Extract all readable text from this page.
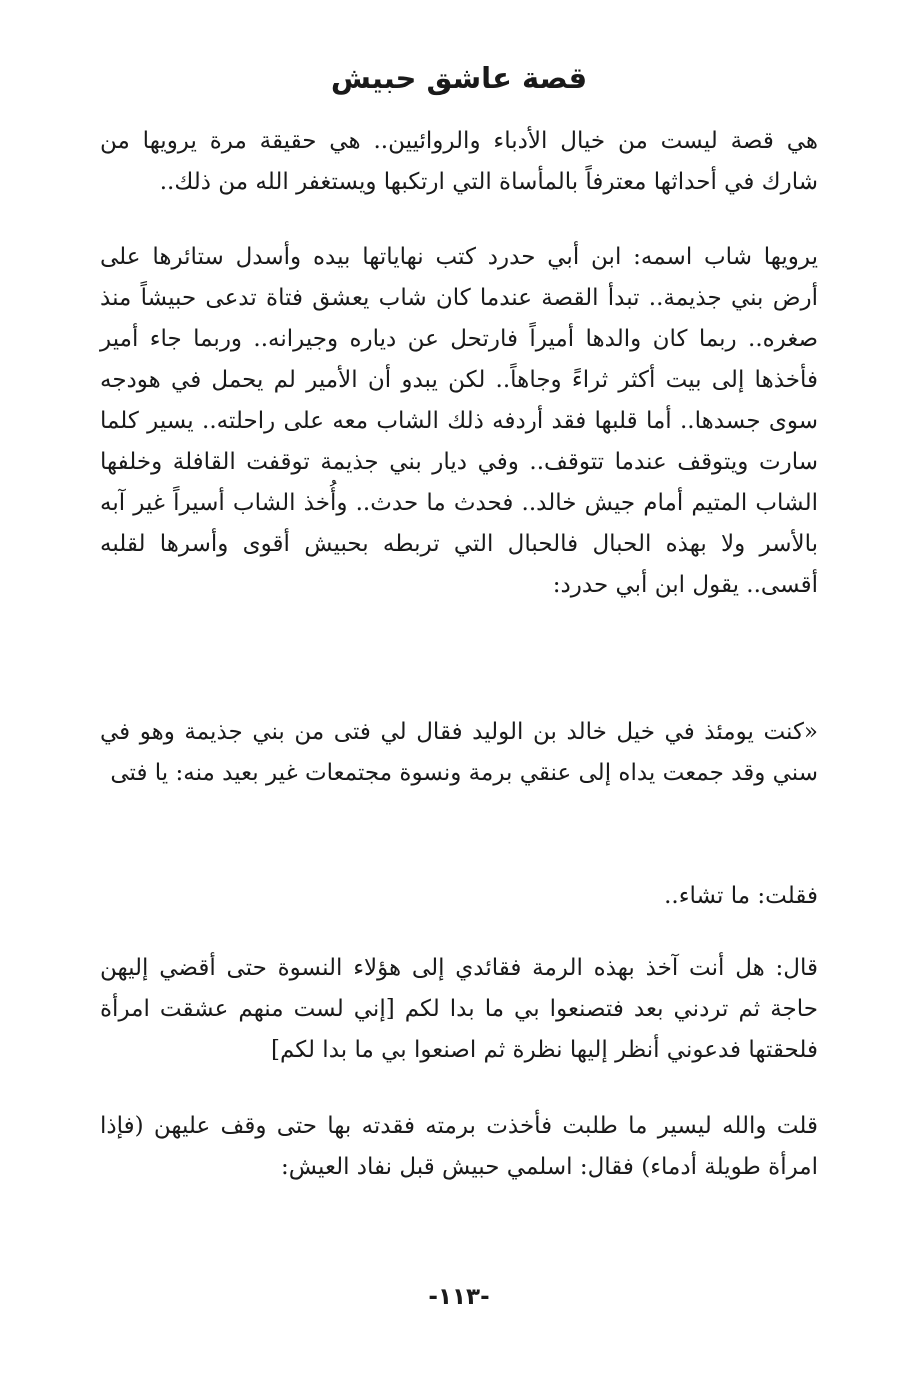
قصة عاشق حبيش

هي قصة ليست من خيال الأدباء والروائيين.. هي حقيقة مرة يرويها من شارك في أحداثها معترفاً بالمأساة التي ارتكبها ويستغفر الله من ذلك..

يرويها شاب اسمه: ابن أبي حدرد كتب نهاياتها بيده وأسدل ستائرها على أرض بني جذيمة.. تبدأ القصة عندما كان شاب يعشق فتاة تدعى حبيشاً منذ صغره.. ربما كان والدها أميراً فارتحل عن دياره وجيرانه.. وربما جاء أمير فأخذها إلى بيت أكثر ثراءً وجاهاً.. لكن يبدو أن الأمير لم يحمل في هودجه سوى جسدها.. أما قلبها فقد أردفه ذلك الشاب معه على راحلته.. يسير كلما سارت ويتوقف عندما تتوقف.. وفي ديار بني جذيمة توقفت القافلة وخلفها الشاب المتيم أمام جيش خالد.. فحدث ما حدث.. وأُخذ الشاب أسيراً غير آبه بالأسر ولا بهذه الحبال فالحبال التي تربطه بحبيش أقوى وأسرها لقلبه أقسى.. يقول ابن أبي حدرد:

«كنت يومئذ في خيل خالد بن الوليد فقال لي فتى من بني جذيمة وهو في سني وقد جمعت يداه إلى عنقي برمة ونسوة مجتمعات غير بعيد منه: يا فتى

فقلت: ما تشاء..

قال: هل أنت آخذ بهذه الرمة فقائدي إلى هؤلاء النسوة حتى أقضي إليهن حاجة ثم تردني بعد فتصنعوا بي ما بدا لكم [إني لست منهم عشقت امرأة فلحقتها فدعوني أنظر إليها نظرة ثم اصنعوا بي ما بدا لكم]

قلت والله ليسير ما طلبت فأخذت برمته فقدته بها حتى وقف عليهن (فإذا امرأة طويلة أدماء) فقال: اسلمي حبيش قبل نفاد العيش:

-١١٣-
